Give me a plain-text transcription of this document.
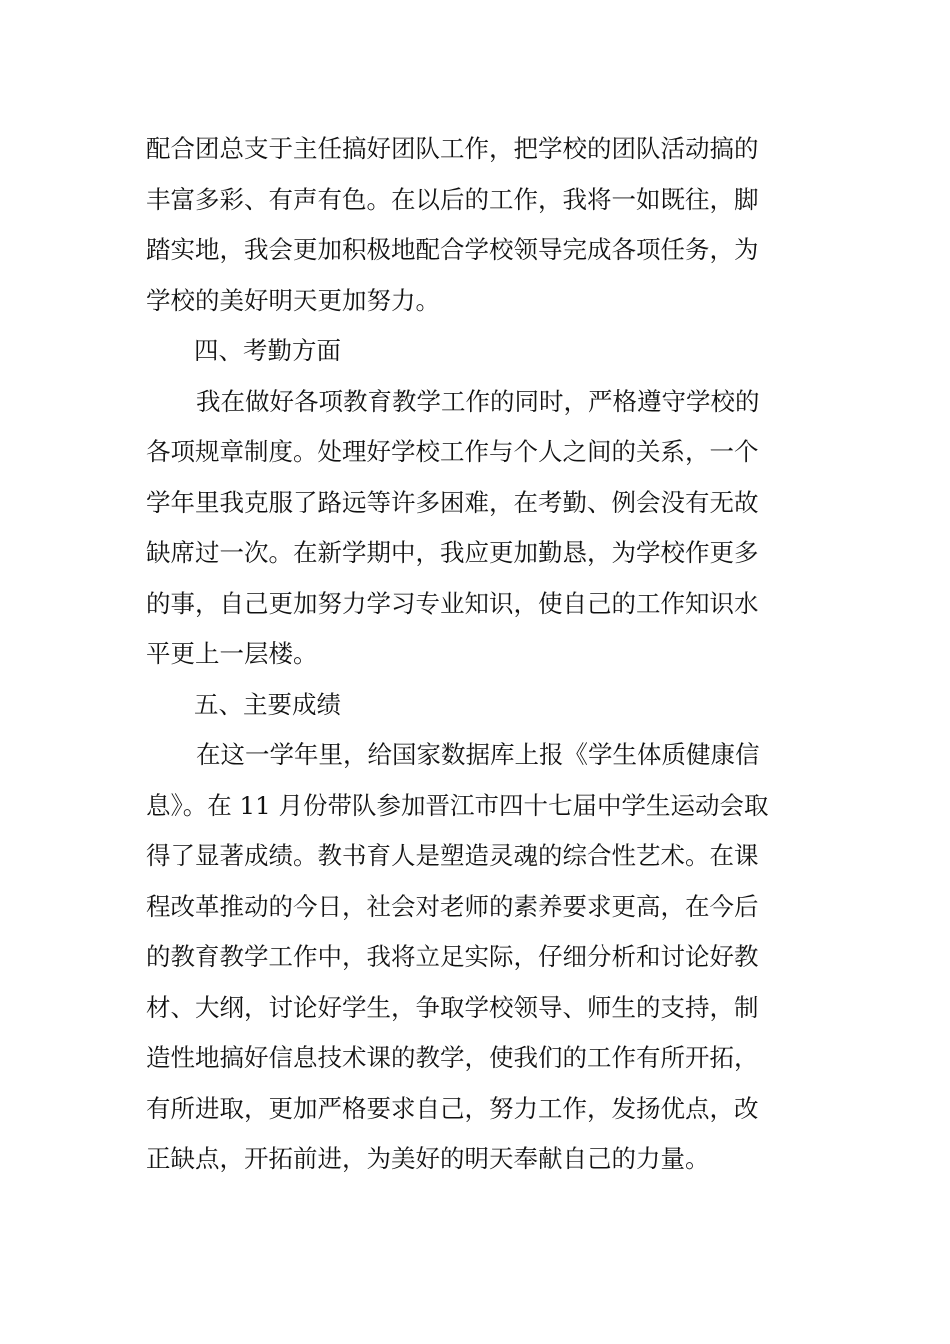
配合团总支于主任搞好团队工作，把学校的团队活动搞的

丰富多彩、有声有色。在以后的工作，我将一如既往，脚

踏实地，我会更加积极地配合学校领导完成各项任务，为

学校的美好明天更加努力。

四、考勤方面

我在做好各项教育教学工作的同时，严格遵守学校的

各项规章制度。处理好学校工作与个人之间的关系，一个

学年里我克服了路远等许多困难，在考勤、例会没有无故

缺席过一次。在新学期中，我应更加勤恳，为学校作更多

的事，自己更加努力学习专业知识，使自己的工作知识水

平更上一层楼。

五、主要成绩

在这一学年里，给国家数据库上报《学生体质健康信

息》。在 11 月份带队参加晋江市四十七届中学生运动会取

得了显著成绩。教书育人是塑造灵魂的综合性艺术。在课

程改革推动的今日，社会对老师的素养要求更高，在今后

的教育教学工作中，我将立足实际，仔细分析和讨论好教

材、大纲，讨论好学生，争取学校领导、师生的支持，制

造性地搞好信息技术课的教学，使我们的工作有所开拓，

有所进取，更加严格要求自己，努力工作，发扬优点，改

正缺点，开拓前进，为美好的明天奉献自己的力量。
